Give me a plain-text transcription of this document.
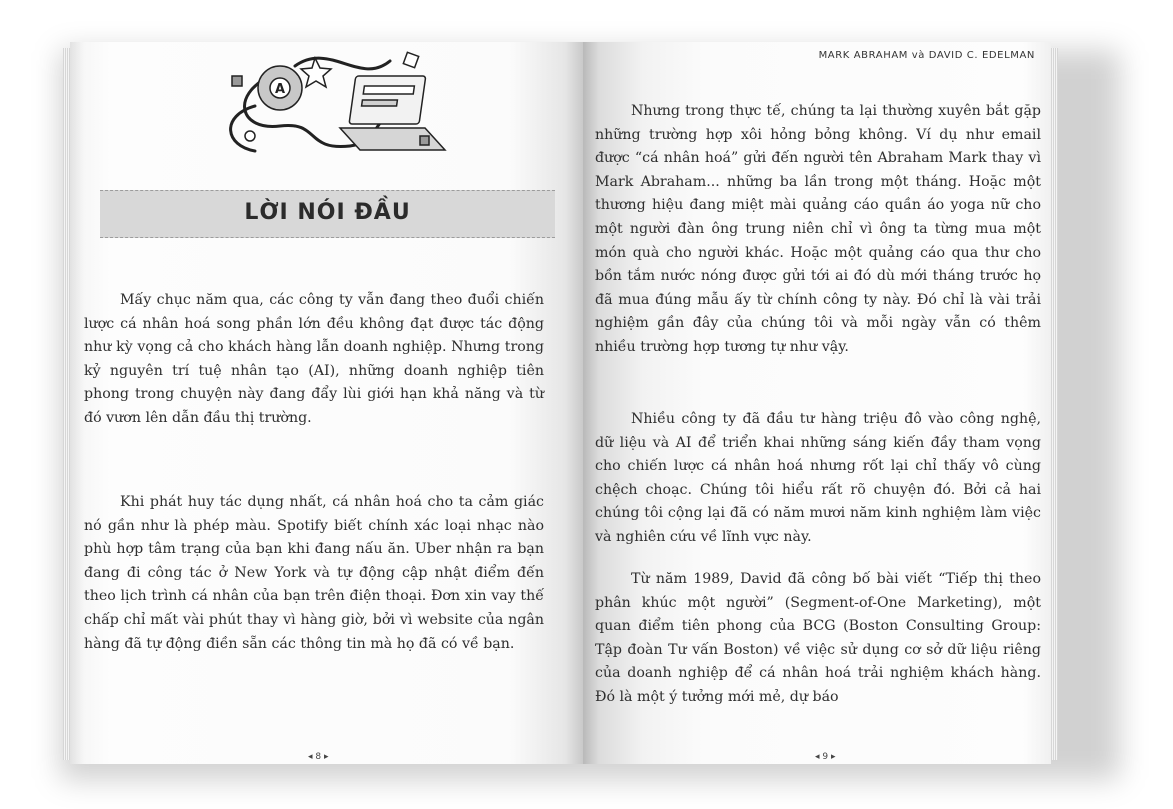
A
LỜI NÓI ĐẦU

Mấy chục năm qua, các công ty vẫn đang theo đuổi chiến lược cá nhân hoá song phần lớn đều không đạt được tác động như kỳ vọng cả cho khách hàng lẫn doanh nghiệp. Nhưng trong kỷ nguyên trí tuệ nhân tạo (AI), những doanh nghiệp tiên phong trong chuyện này đang đẩy lùi giới hạn khả năng và từ đó vươn lên dẫn đầu thị trường.

Khi phát huy tác dụng nhất, cá nhân hoá cho ta cảm giác nó gần như là phép màu. Spotify biết chính xác loại nhạc nào phù hợp tâm trạng của bạn khi đang nấu ăn. Uber nhận ra bạn đang đi công tác ở New York và tự động cập nhật điểm đến theo lịch trình cá nhân của bạn trên điện thoại. Đơn xin vay thế chấp chỉ mất vài phút thay vì hàng giờ, bởi vì website của ngân hàng đã tự động điền sẵn các thông tin mà họ đã có về bạn.

◂ 8 ▸
MARK ABRAHAM và DAVID C. EDELMAN

Nhưng trong thực tế, chúng ta lại thường xuyên bắt gặp những trường hợp xôi hỏng bỏng không. Ví dụ như email được “cá nhân hoá” gửi đến người tên Abraham Mark thay vì Mark Abraham... những ba lần trong một tháng. Hoặc một thương hiệu đang miệt mài quảng cáo quần áo yoga nữ cho một người đàn ông trung niên chỉ vì ông ta từng mua một món quà cho người khác. Hoặc một quảng cáo qua thư cho bồn tắm nước nóng được gửi tới ai đó dù mới tháng trước họ đã mua đúng mẫu ấy từ chính công ty này. Đó chỉ là vài trải nghiệm gần đây của chúng tôi và mỗi ngày vẫn có thêm nhiều trường hợp tương tự như vậy.

Nhiều công ty đã đầu tư hàng triệu đô vào công nghệ, dữ liệu và AI để triển khai những sáng kiến đầy tham vọng cho chiến lược cá nhân hoá nhưng rốt lại chỉ thấy vô cùng chệch choạc. Chúng tôi hiểu rất rõ chuyện đó. Bởi cả hai chúng tôi cộng lại đã có năm mươi năm kinh nghiệm làm việc và nghiên cứu về lĩnh vực này.

Từ năm 1989, David đã công bố bài viết “Tiếp thị theo phân khúc một người” (Segment-of-One Marketing), một quan điểm tiên phong của BCG (Boston Consulting Group: Tập đoàn Tư vấn Boston) về việc sử dụng cơ sở dữ liệu riêng của doanh nghiệp để cá nhân hoá trải nghiệm khách hàng. Đó là một ý tưởng mới mẻ, dự báo

◂ 9 ▸
